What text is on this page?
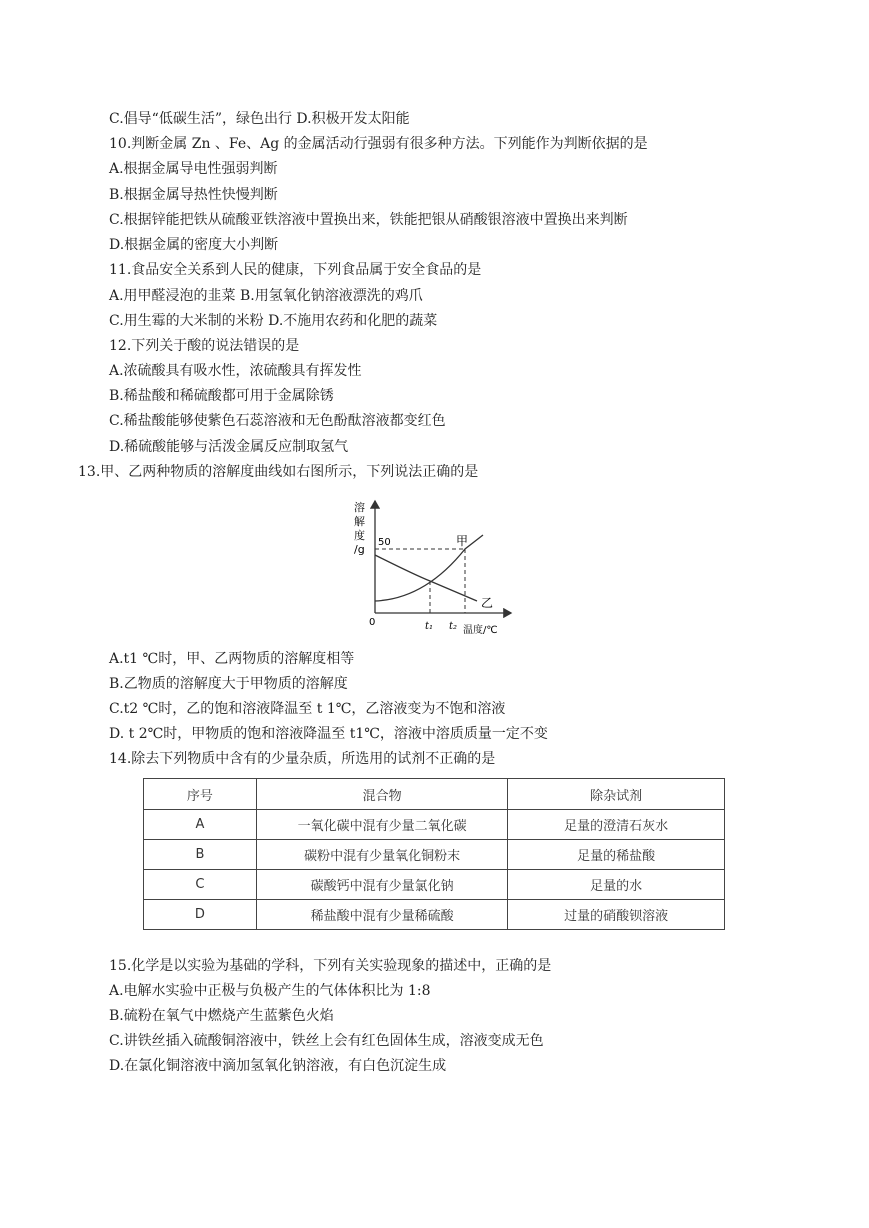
C.倡导“低碳生活”，绿色出行 D.积极开发太阳能
10.判断金属 Zn 、Fe、Ag 的金属活动行强弱有很多种方法。下列能作为判断依据的是
A.根据金属导电性强弱判断
B.根据金属导热性快慢判断
C.根据锌能把铁从硫酸亚铁溶液中置换出来，铁能把银从硝酸银溶液中置换出来判断
D.根据金属的密度大小判断
11.食品安全关系到人民的健康，下列食品属于安全食品的是
A.用甲醛浸泡的韭菜 B.用氢氧化钠溶液漂洗的鸡爪
C.用生霉的大米制的米粉 D.不施用农药和化肥的蔬菜
12.下列关于酸的说法错误的是
A.浓硫酸具有吸水性，浓硫酸具有挥发性
B.稀盐酸和稀硫酸都可用于金属除锈
C.稀盐酸能够使紫色石蕊溶液和无色酚酞溶液都变红色
D.稀硫酸能够与活泼金属反应制取氢气
13.甲、乙两种物质的溶解度曲线如右图所示，下列说法正确的是
溶
解
度
/g
50
0
甲
乙
t₁ t₂ 温度/℃
A.t1 ℃时，甲、乙两物质的溶解度相等
B.乙物质的溶解度大于甲物质的溶解度
C.t2 ℃时，乙的饱和溶液降温至 t 1℃，乙溶液变为不饱和溶液
D. t 2℃时，甲物质的饱和溶液降温至 t1℃，溶液中溶质质量一定不变
14.除去下列物质中含有的少量杂质，所选用的试剂不正确的是
序号	混合物	除杂试剂
A	一氧化碳中混有少量二氧化碳	足量的澄清石灰水
B	碳粉中混有少量氧化铜粉末	足量的稀盐酸
C	碳酸钙中混有少量氯化钠	足量的水
D	稀盐酸中混有少量稀硫酸	过量的硝酸钡溶液
15.化学是以实验为基础的学科，下列有关实验现象的描述中，正确的是
A.电解水实验中正极与负极产生的气体体积比为 1:8
B.硫粉在氧气中燃烧产生蓝紫色火焰
C.讲铁丝插入硫酸铜溶液中，铁丝上会有红色固体生成，溶液变成无色
D.在氯化铜溶液中滴加氢氧化钠溶液，有白色沉淀生成
